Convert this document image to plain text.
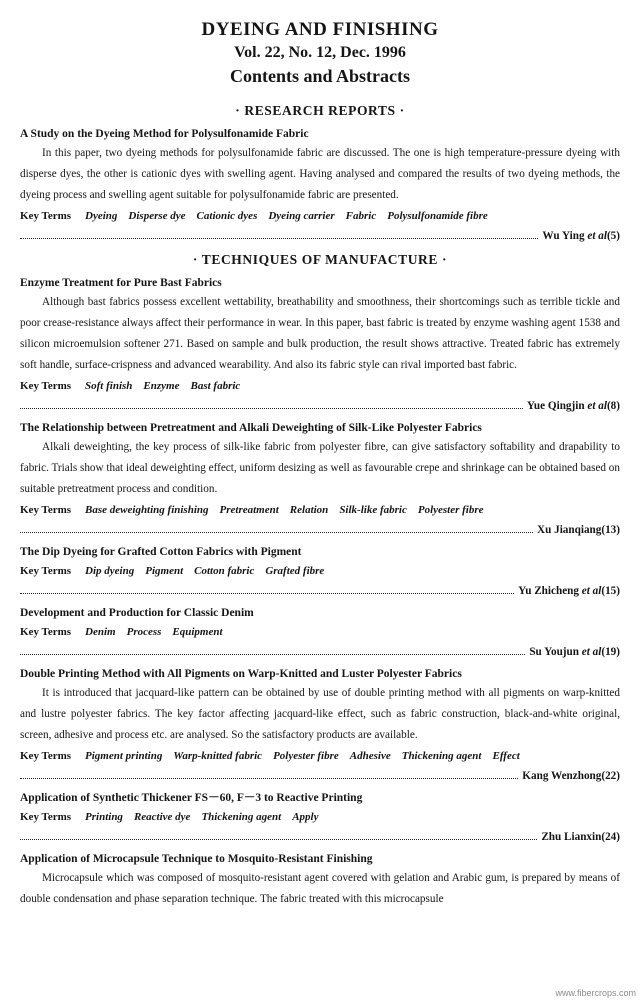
DYEING AND FINISHING
Vol. 22, No. 12, Dec. 1996
Contents and Abstracts
· RESEARCH REPORTS ·
A Study on the Dyeing Method for Polysulfonamide Fabric

In this paper, two dyeing methods for polysulfonamide fabric are discussed. The one is high temperature-pressure dyeing with disperse dyes, the other is cationic dyes with swelling agent. Having analysed and compared the results of two dyeing methods, the dyeing process and swelling agent suitable for polysulfonamide fabric are presented.

Key Terms Dyeing Disperse dye Cationic dyes Dyeing carrier Fabric Polysulfonamide fibre
Wu Ying et al(5)
· TECHNIQUES OF MANUFACTURE ·
Enzyme Treatment for Pure Bast Fabrics

Although bast fabrics possess excellent wettability, breathability and smoothness, their shortcomings such as terrible tickle and poor crease-resistance always affect their performance in wear. In this paper, bast fabric is treated by enzyme washing agent 1538 and silicon microemulsion softener 271. Based on sample and bulk production, the result shows attractive. Treated fabric has extremely soft handle, surface-crispness and advanced wearability. And also its fabric style can rival imported bast fabric.

Key Terms Soft finish Enzyme Bast fabric
Yue Qingjin et al(8)
The Relationship between Pretreatment and Alkali Deweighting of Silk-Like Polyester Fabrics

Alkali deweighting, the key process of silk-like fabric from polyester fibre, can give satisfactory softability and drapability to fabric. Trials show that ideal deweighting effect, uniform desizing as well as favourable crepe and shrinkage can be obtained based on suitable pretreatment process and condition.

Key Terms Base deweighting finishing Pretreatment Relation Silk-like fabric Polyester fibre
Xu Jianqiang(13)
The Dip Dyeing for Grafted Cotton Fabrics with Pigment
Key Terms Dip dyeing Pigment Cotton fabric Grafted fibre
Yu Zhicheng et al(15)
Development and Production for Classic Denim
Key Terms Denim Process Equipment
Su Youjun et al(19)
Double Printing Method with All Pigments on Warp-Knitted and Luster Polyester Fabrics

It is introduced that jacquard-like pattern can be obtained by use of double printing method with all pigments on warp-knitted and lustre polyester fabrics. The key factor affecting jacquard-like effect, such as fabric construction, black-and-white original, screen, adhesive and process etc. are analysed. So the satisfactory products are available.

Key Terms Pigment printing Warp-knitted fabric Polyester fibre Adhesive Thickening agent Effect
Kang Wenzhong(22)
Application of Synthetic Thickener FS－60, F－3 to Reactive Printing
Key Terms Printing Reactive dye Thickening agent Apply
Zhu Lianxin(24)
Application of Microcapsule Technique to Mosquito-Resistant Finishing

Microcapsule which was composed of mosquito-resistant agent covered with gelation and Arabic gum, is prepared by means of double condensation and phase separation technique. The fabric treated with this microcapsule

www.fibercrops.com
